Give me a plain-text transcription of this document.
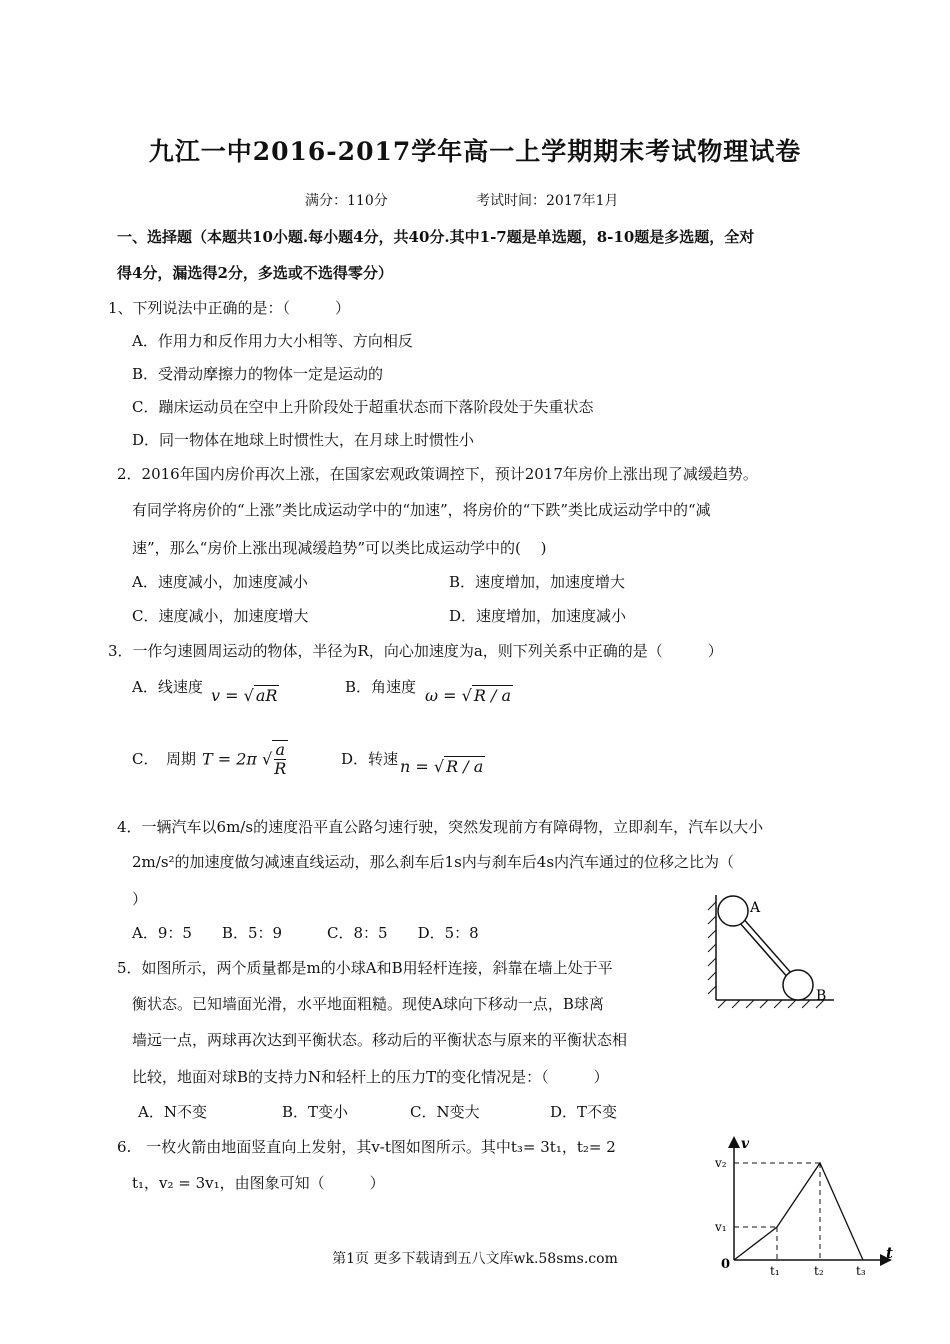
九江一中2016-2017学年高一上学期期末考试物理试卷
满分：110分	考试时间：2017年1月
一、选择题（本题共10小题.每小题4分，共40分.其中1-7题是单选题，8-10题是多选题，全对
得4分，漏选得2分，多选或不选得零分）
1、下列说法中正确的是：（　　　）
A．作用力和反作用力大小相等、方向相反
B．受滑动摩擦力的物体一定是运动的
C．蹦床运动员在空中上升阶段处于超重状态而下落阶段处于失重状态
D．同一物体在地球上时惯性大，在月球上时惯性小
2．2016年国内房价再次上涨，在国家宏观政策调控下，预计2017年房价上涨出现了减缓趋势。
有同学将房价的“上涨”类比成运动学中的“加速”，将房价的“下跌”类比成运动学中的“减
速”，那么“房价上涨出现减缓趋势”可以类比成运动学中的(　 )
A．速度减小，加速度减小	B．速度增加，加速度增大
C．速度减小，加速度增大	D．速度增加，加速度减小
3．一作匀速圆周运动的物体，半径为R，向心加速度为a，则下列关系中正确的是（　　　）
A．线速度 v = √ aR	B．角速度 ω = √ R / a
C．　周期 T = 2π √ $\frac{a}{R}$	D．转速 n = √ R / a
4．一辆汽车以6m/s的速度沿平直公路匀速行驶，突然发现前方有障碍物，立即刹车，汽车以大小
2m/s²的加速度做匀减速直线运动，那么刹车后1s内与刹车后4s内汽车通过的位移之比为（
）
A．9：5　　B．5：9　　　C．8：5　　D．5：8
A
B
5．如图所示，两个质量都是m的小球A和B用轻杆连接，斜靠在墙上处于平
衡状态。已知墙面光滑，水平地面粗糙。现使A球向下移动一点，B球离
墙远一点，两球再次达到平衡状态。移动后的平衡状态与原来的平衡状态相
比较，地面对球B的支持力N和轻杆上的压力T的变化情况是：（　　　）
A．N不变	B．T变小	C．N变大	D．T不变
6.　一枚火箭由地面竖直向上发射，其v-t图如图所示。其中t₃= 3t₁，t₂= 2
t₁，v₂ = 3v₁，由图象可知（　　　）
v
t
0
v₂
v₁
t₁	t₂	t₃
第1页 更多下载请到五八文库wk.58sms.com
